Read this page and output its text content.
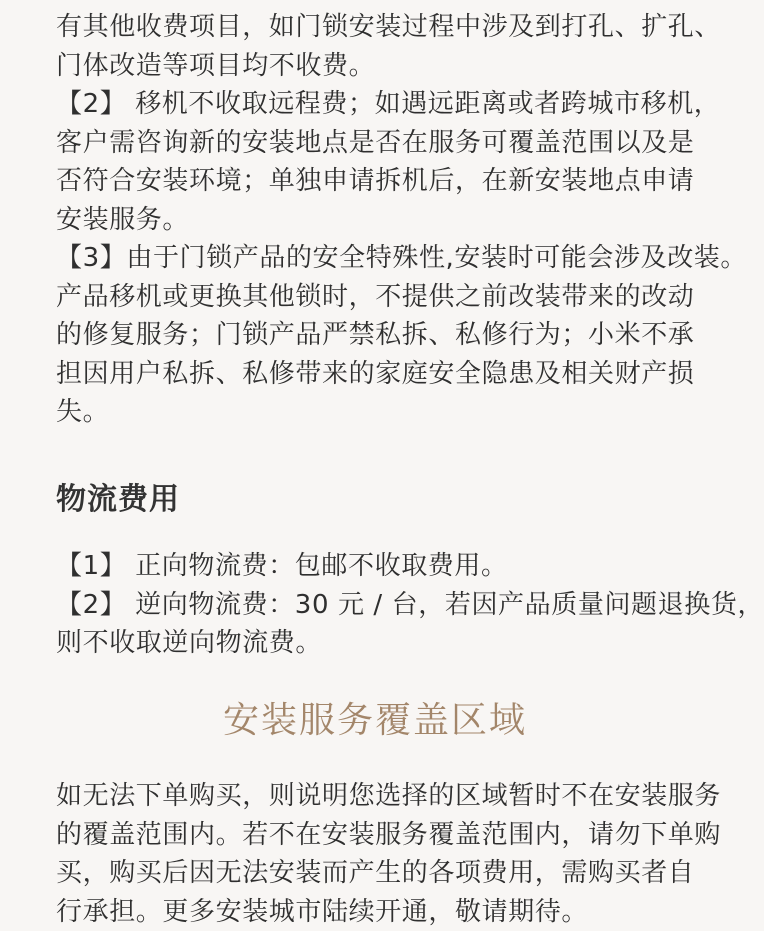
有其他收费项目，如门锁安装过程中涉及到打孔、扩孔、
门体改造等项目均不收费。
【2】 移机不收取远程费；如遇远距离或者跨城市移机，
客户需咨询新的安装地点是否在服务可覆盖范围以及是
否符合安装环境；单独申请拆机后，在新安装地点申请
安装服务。
【3】由于门锁产品的安全特殊性,安装时可能会涉及改装。
产品移机或更换其他锁时，不提供之前改装带来的改动
的修复服务；门锁产品严禁私拆、私修行为；小米不承
担因用户私拆、私修带来的家庭安全隐患及相关财产损
失。
物流费用
【1】 正向物流费：包邮不收取费用。
【2】 逆向物流费：30 元 / 台，若因产品质量问题退换货，
则不收取逆向物流费。
安装服务覆盖区域
如无法下单购买，则说明您选择的区域暂时不在安装服务
的覆盖范围内。若不在安装服务覆盖范围内，请勿下单购
买，购买后因无法安装而产生的各项费用，需购买者自
行承担。更多安装城市陆续开通，敬请期待。
